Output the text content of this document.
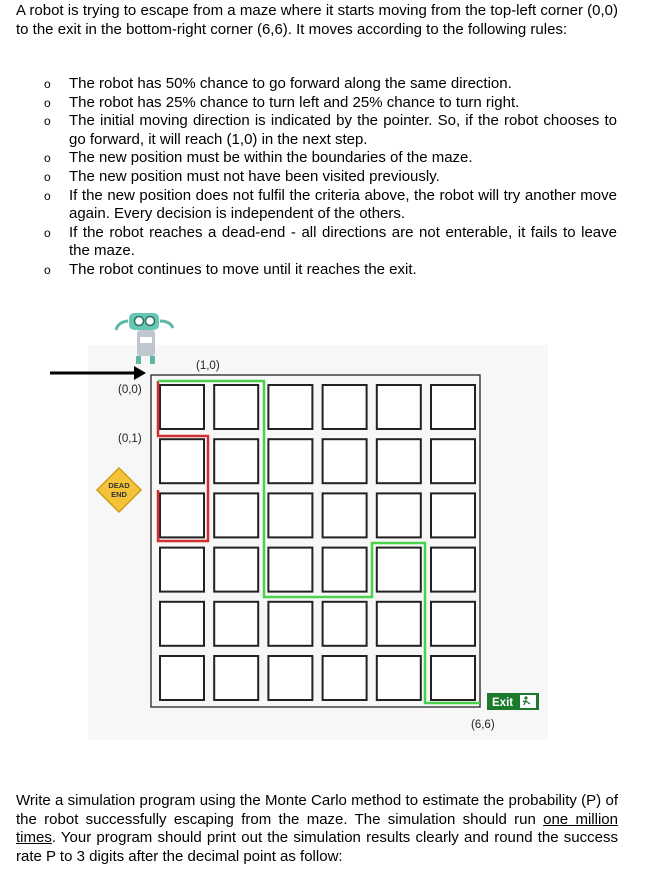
A robot is trying to escape from a maze where it starts moving from the top-left corner (0,0) to the exit in the bottom-right corner (6,6). It moves according to the following rules:

o The robot has 50% chance to go forward along the same direction.
o The robot has 25% chance to turn left and 25% chance to turn right.
o The initial moving direction is indicated by the pointer. So, if the robot chooses to go forward, it will reach (1,0) in the next step.
o The new position must be within the boundaries of the maze.
o The new position must not have been visited previously.
o If the new position does not fulfil the criteria above, the robot will try another move again. Every decision is independent of the others.
o If the robot reaches a dead-end - all directions are not enterable, it fails to leave the maze.
o The robot continues to move until it reaches the exit.
(0,0)
(1,0)
(0,1)
(6,6)
DEAD
END
Exit

Write a simulation program using the Monte Carlo method to estimate the probability (P) of the robot successfully escaping from the maze. The simulation should run one million times. Your program should print out the simulation results clearly and round the success rate P to 3 digits after the decimal point as follow:
